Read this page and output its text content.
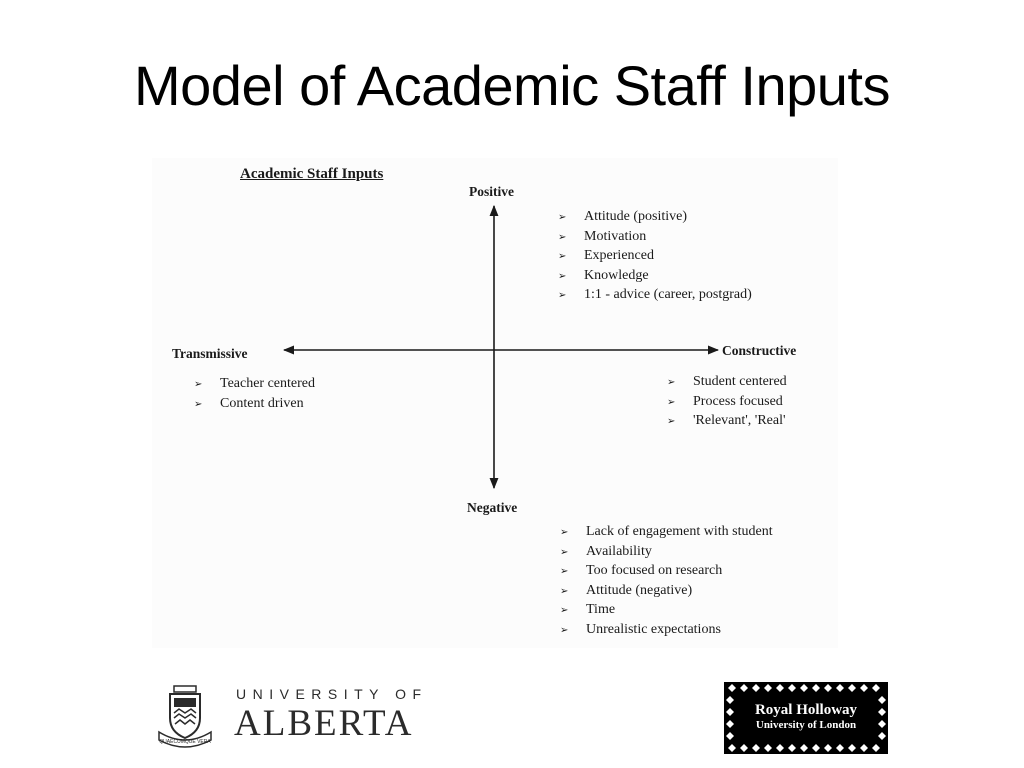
Model of Academic Staff Inputs
Academic Staff Inputs
Positive
Negative
Transmissive	Constructive
➢	Attitude (positive)
➢	Motivation
➢	Experienced
➢	Knowledge
➢	1:1 - advice (career, postgrad)
➢	Teacher centered
➢	Content driven
➢	Student centered
➢	Process focused
➢	'Relevant', 'Real'
➢	Lack of engagement with student
➢	Availability
➢	Too focused on research
➢	Attitude (negative)
➢	Time
➢	Unrealistic expectations
QUAECUMQUE VERA
UNIVERSITY OF
ALBERTA	Royal Holloway
University of London
